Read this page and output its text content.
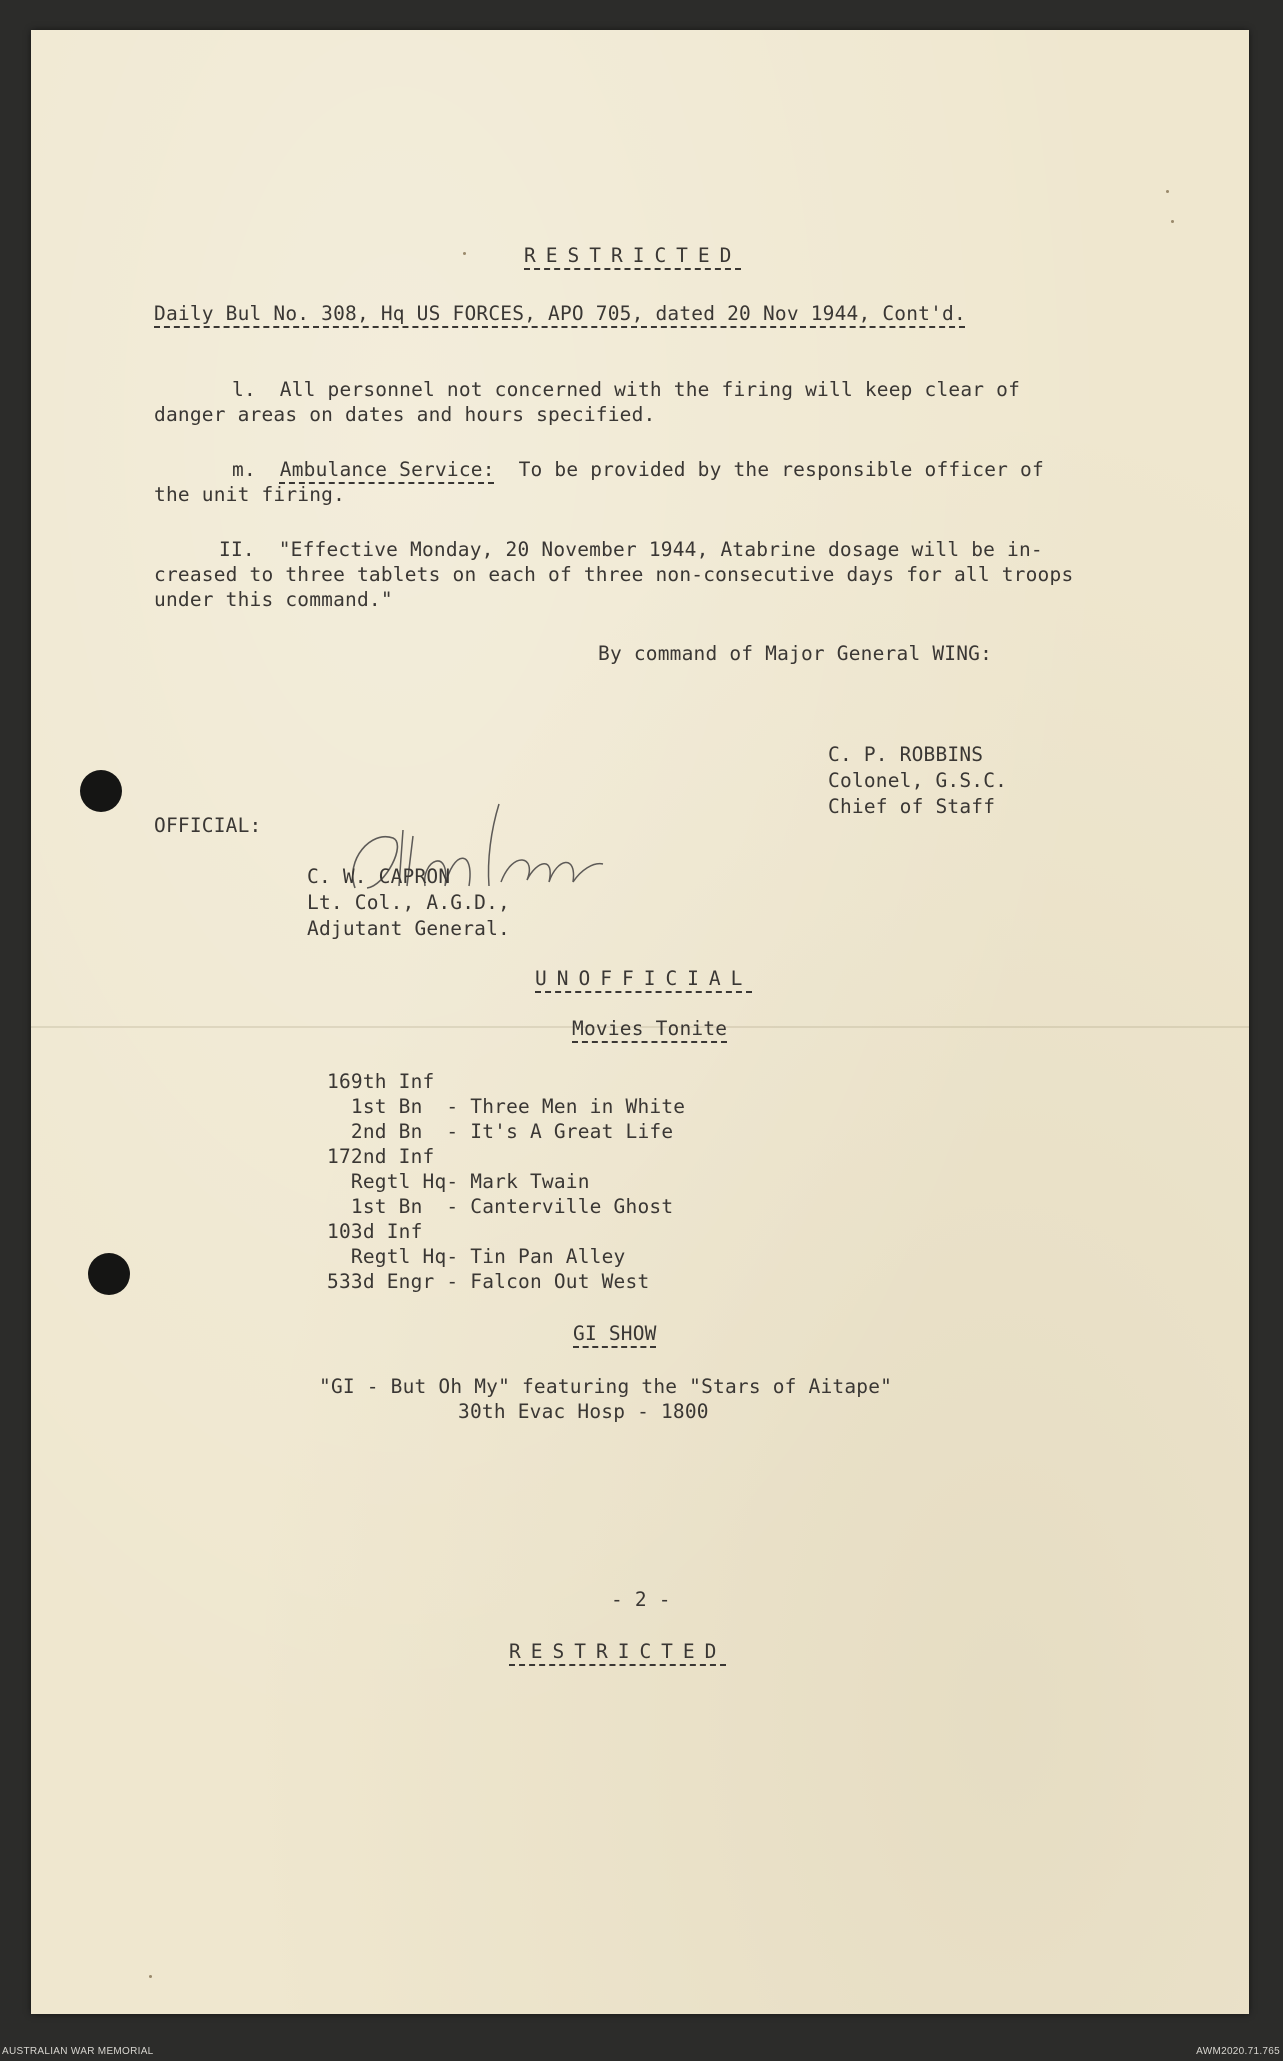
RESTRICTED
Daily Bul No. 308, Hq US FORCES, APO 705, dated 20 Nov 1944, Cont'd.
l.  All personnel not concerned with the firing will keep clear of
danger areas on dates and hours specified.
m.  Ambulance Service:  To be provided by the responsible officer of
the unit firing.
II.  "Effective Monday, 20 November 1944, Atabrine dosage will be in-
creased to three tablets on each of three non-consecutive days for all troops
under this command."
By command of Major General WING:
C. P. ROBBINS
Colonel, G.S.C.
Chief of Staff
OFFICIAL:
C. W. CAPRON
Lt. Col., A.G.D.,
Adjutant General.
UNOFFICIAL
Movies Tonite
169th Inf
1st Bn  - Three Men in White
2nd Bn  - It's A Great Life
172nd Inf
Regtl Hq- Mark Twain
1st Bn  - Canterville Ghost
103d Inf
Regtl Hq- Tin Pan Alley
533d Engr - Falcon Out West
GI SHOW
"GI - But Oh My" featuring the "Stars of Aitape"
30th Evac Hosp - 1800
- 2 -
RESTRICTED
AUSTRALIAN WAR MEMORIAL	AWM2020.71.765
